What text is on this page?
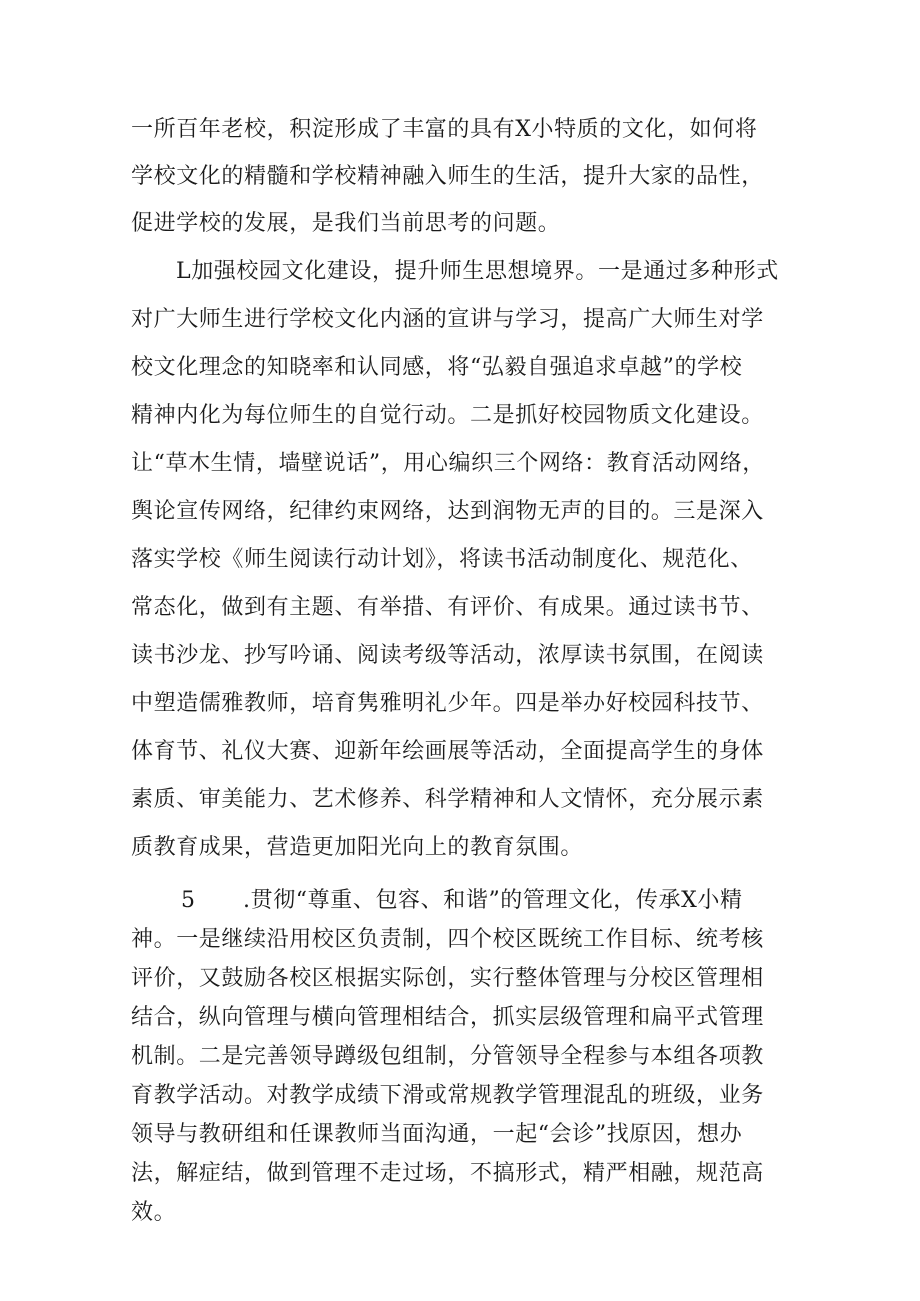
一所百年老校，积淀形成了丰富的具有X小特质的文化，如何将
学校文化的精髓和学校精神融入师生的生活，提升大家的品性，
促进学校的发展，是我们当前思考的问题。
L加强校园文化建设，提升师生思想境界。一是通过多种形式
对广大师生进行学校文化内涵的宣讲与学习，提高广大师生对学
校文化理念的知晓率和认同感，将“弘毅自强追求卓越”的学校
精神内化为每位师生的自觉行动。二是抓好校园物质文化建设。
让“草木生情，墙壁说话”，用心编织三个网络：教育活动网络，
舆论宣传网络，纪律约束网络，达到润物无声的目的。三是深入
落实学校《师生阅读行动计划》，将读书活动制度化、规范化、
常态化，做到有主题、有举措、有评价、有成果。通过读书节、
读书沙龙、抄写吟诵、阅读考级等活动，浓厚读书氛围，在阅读
中塑造儒雅教师，培育隽雅明礼少年。四是举办好校园科技节、
体育节、礼仪大赛、迎新年绘画展等活动，全面提高学生的身体
素质、审美能力、艺术修养、科学精神和人文情怀，充分展示素
质教育成果，营造更加阳光向上的教育氛围。
5 .贯彻“尊重、包容、和谐”的管理文化，传承X小精
神。一是继续沿用校区负责制，四个校区既统工作目标、统考核
评价，又鼓励各校区根据实际创，实行整体管理与分校区管理相
结合，纵向管理与横向管理相结合，抓实层级管理和扁平式管理
机制。二是完善领导蹲级包组制，分管领导全程参与本组各项教
育教学活动。对教学成绩下滑或常规教学管理混乱的班级，业务
领导与教研组和任课教师当面沟通，一起“会诊”找原因，想办
法，解症结，做到管理不走过场，不搞形式，精严相融，规范高
效。
